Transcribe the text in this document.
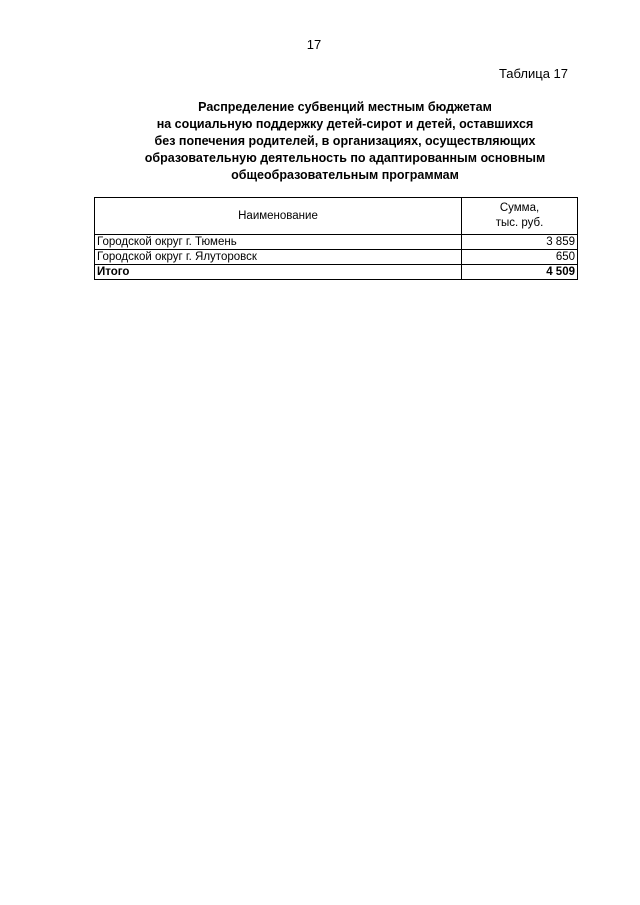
17
Таблица 17
Распределение субвенций местным бюджетам
на социальную поддержку детей-сирот и детей, оставшихся
без попечения родителей, в организациях, осуществляющих
образовательную деятельность по адаптированным основным
общеобразовательным программам
Наименование	Сумма,
тыс. руб.
Городской округ г. Тюмень	3 859
Городской округ г. Ялуторовск	650
Итого	4 509
